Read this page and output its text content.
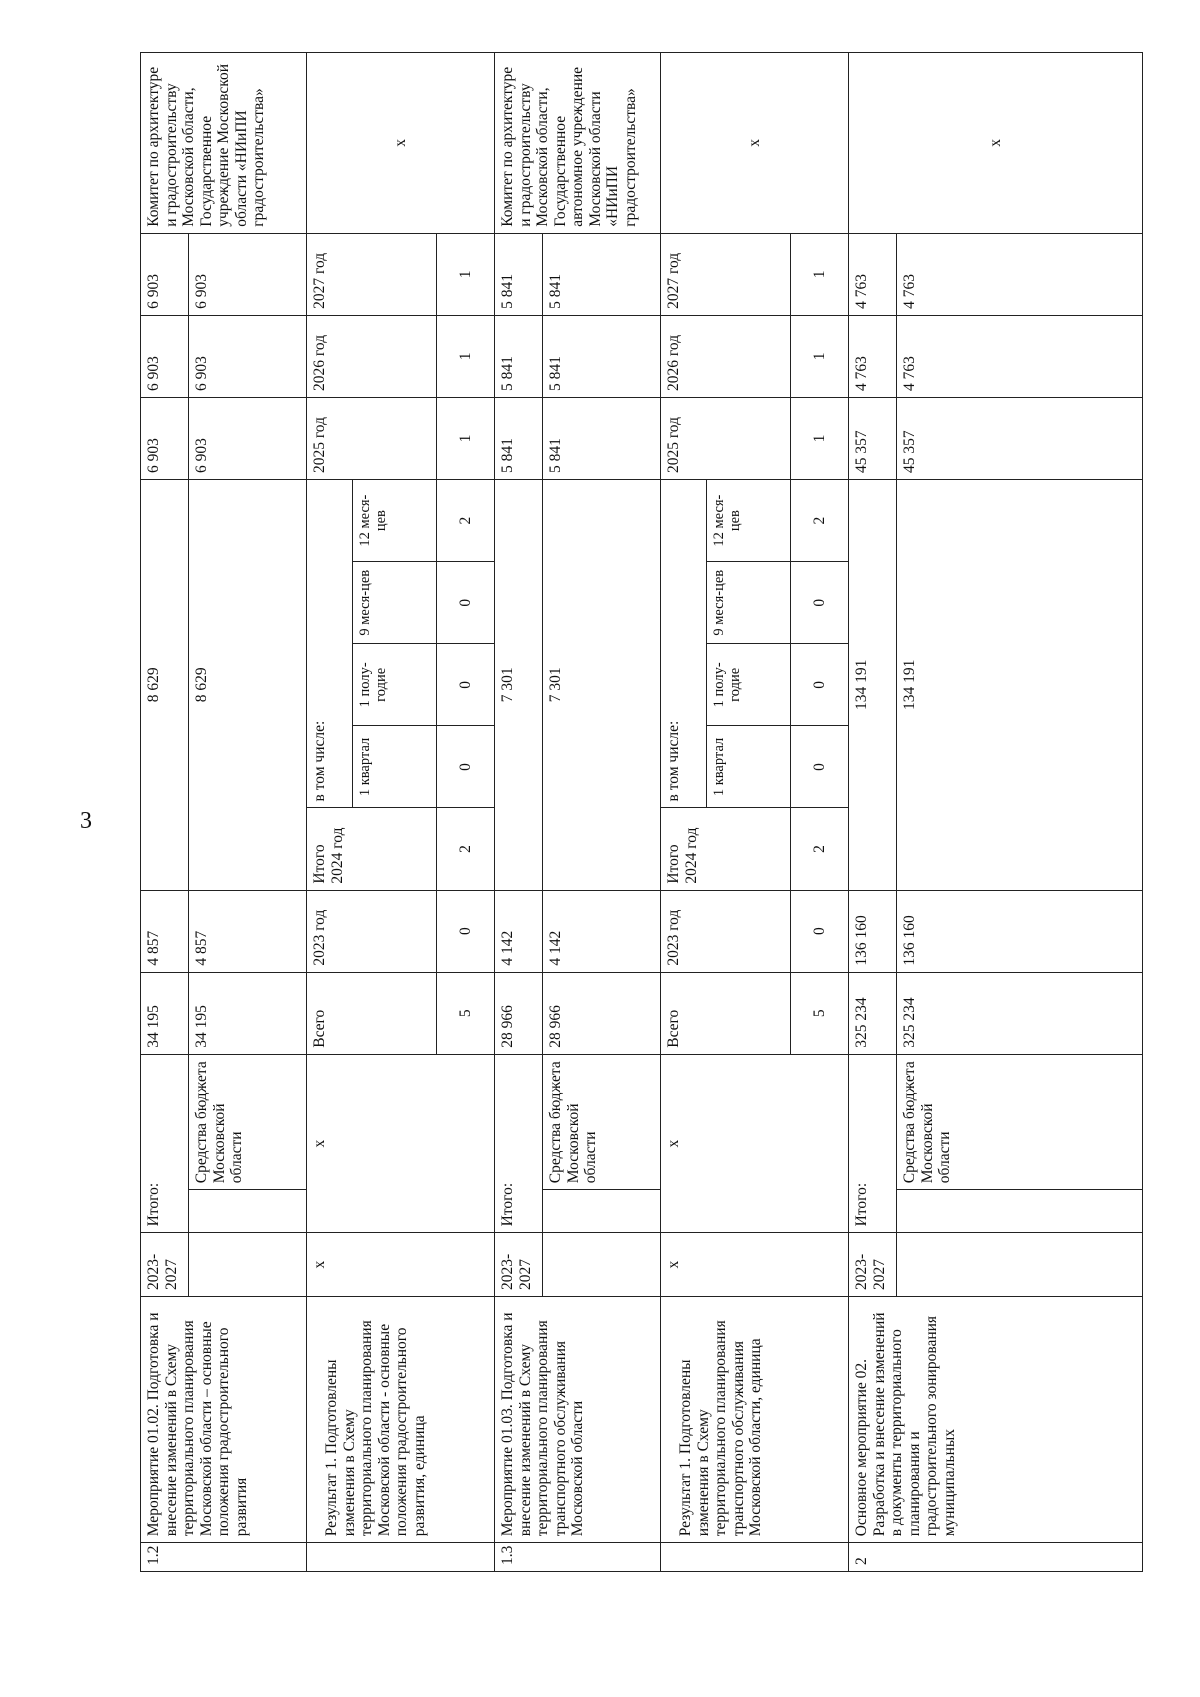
3
1.2	Мероприятие 01.02. Подготовка и внесение изменений в Схему территориального планирования Московской области – основные положения градостроительного развития	2023-2027	Итого:		34 195	4 857	8 629					6 903	6 903	6 903	Комитет по архитектуре и градостроительству Московской области, Государственное учреждение Московской области «НИиПИ градостроительства»
				Средства бюджета Московской области	34 195	4 857	8 629					6 903	6 903	6 903	
	Результат 1. Подготовлены изменения в Схему территориального планирования Московской области - основные положения градостроительного развития, единица	х	х		Всего	2023 год	Итого 2024 год	в том числе:				2025 год	2026 год	2027 год	х
								1 квартал	1 полу-годие	9 меся-цев	12 меся-цев				
					5	0	2	0	0	0	2	1	1	1	
1.3	Мероприятие 01.03. Подготовка и внесение изменений в Схему территориального планирования транспортного обслуживания Московской области	2023-2027	Итого:		28 966	4 142	7 301					5 841	5 841	5 841	Комитет по архитектуре и градостроительству Московской области, Государственное автономное учреждение Московской области «НИиПИ градостроительства»
				Средства бюджета Московской области	28 966	4 142	7 301					5 841	5 841	5 841	
	Результат 1. Подготовлены изменения в Схему территориального планирования транспортного обслуживания Московской области, единица	х	х		Всего	2023 год	Итого 2024 год	в том числе:				2025 год	2026 год	2027 год	х
								1 квартал	1 полу-годие	9 меся-цев	12 меся-цев				
					5	0	2	0	0	0	2	1	1	1	
2	Основное мероприятие 02. Разработка и внесение изменений в документы территориального планирования и градостроительного зонирования муниципальных	2023-2027	Итого:		325 234	136 160	134 191					45 357	4 763	4 763	х
				Средства бюджета Московской области	325 234	136 160	134 191					45 357	4 763	4 763	
